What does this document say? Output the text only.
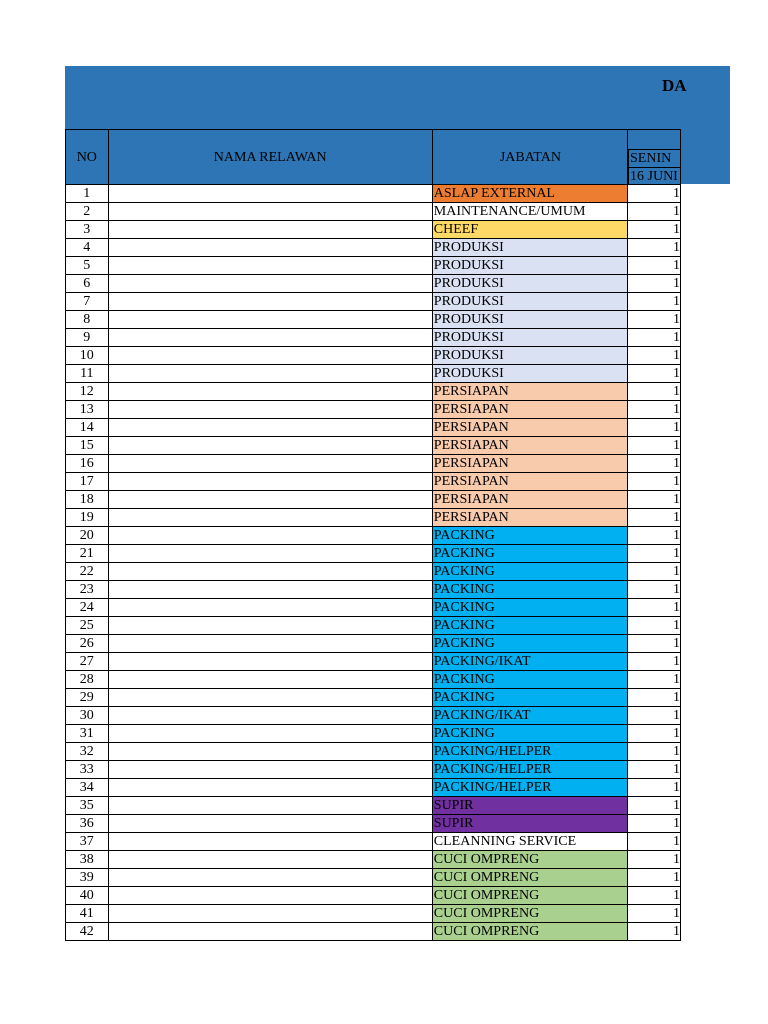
DA
NO	NAMA RELAWAN	JABATAN	SENIN
16 JUNI

1		ASLAP EXTERNAL	1
2		MAINTENANCE/UMUM	1
3		CHEEF	1
4		PRODUKSI	1
5		PRODUKSI	1
6		PRODUKSI	1
7		PRODUKSI	1
8		PRODUKSI	1
9		PRODUKSI	1
10		PRODUKSI	1
11		PRODUKSI	1
12		PERSIAPAN	1
13		PERSIAPAN	1
14		PERSIAPAN	1
15		PERSIAPAN	1
16		PERSIAPAN	1
17		PERSIAPAN	1
18		PERSIAPAN	1
19		PERSIAPAN	1
20		PACKING	1
21		PACKING	1
22		PACKING	1
23		PACKING	1
24		PACKING	1
25		PACKING	1
26		PACKING	1
27		PACKING/IKAT	1
28		PACKING	1
29		PACKING	1
30		PACKING/IKAT	1
31		PACKING	1
32		PACKING/HELPER	1
33		PACKING/HELPER	1
34		PACKING/HELPER	1
35		SUPIR	1
36		SUPIR	1
37		CLEANNING SERVICE	1
38		CUCI OMPRENG	1
39		CUCI OMPRENG	1
40		CUCI OMPRENG	1
41		CUCI OMPRENG	1
42		CUCI OMPRENG	1
